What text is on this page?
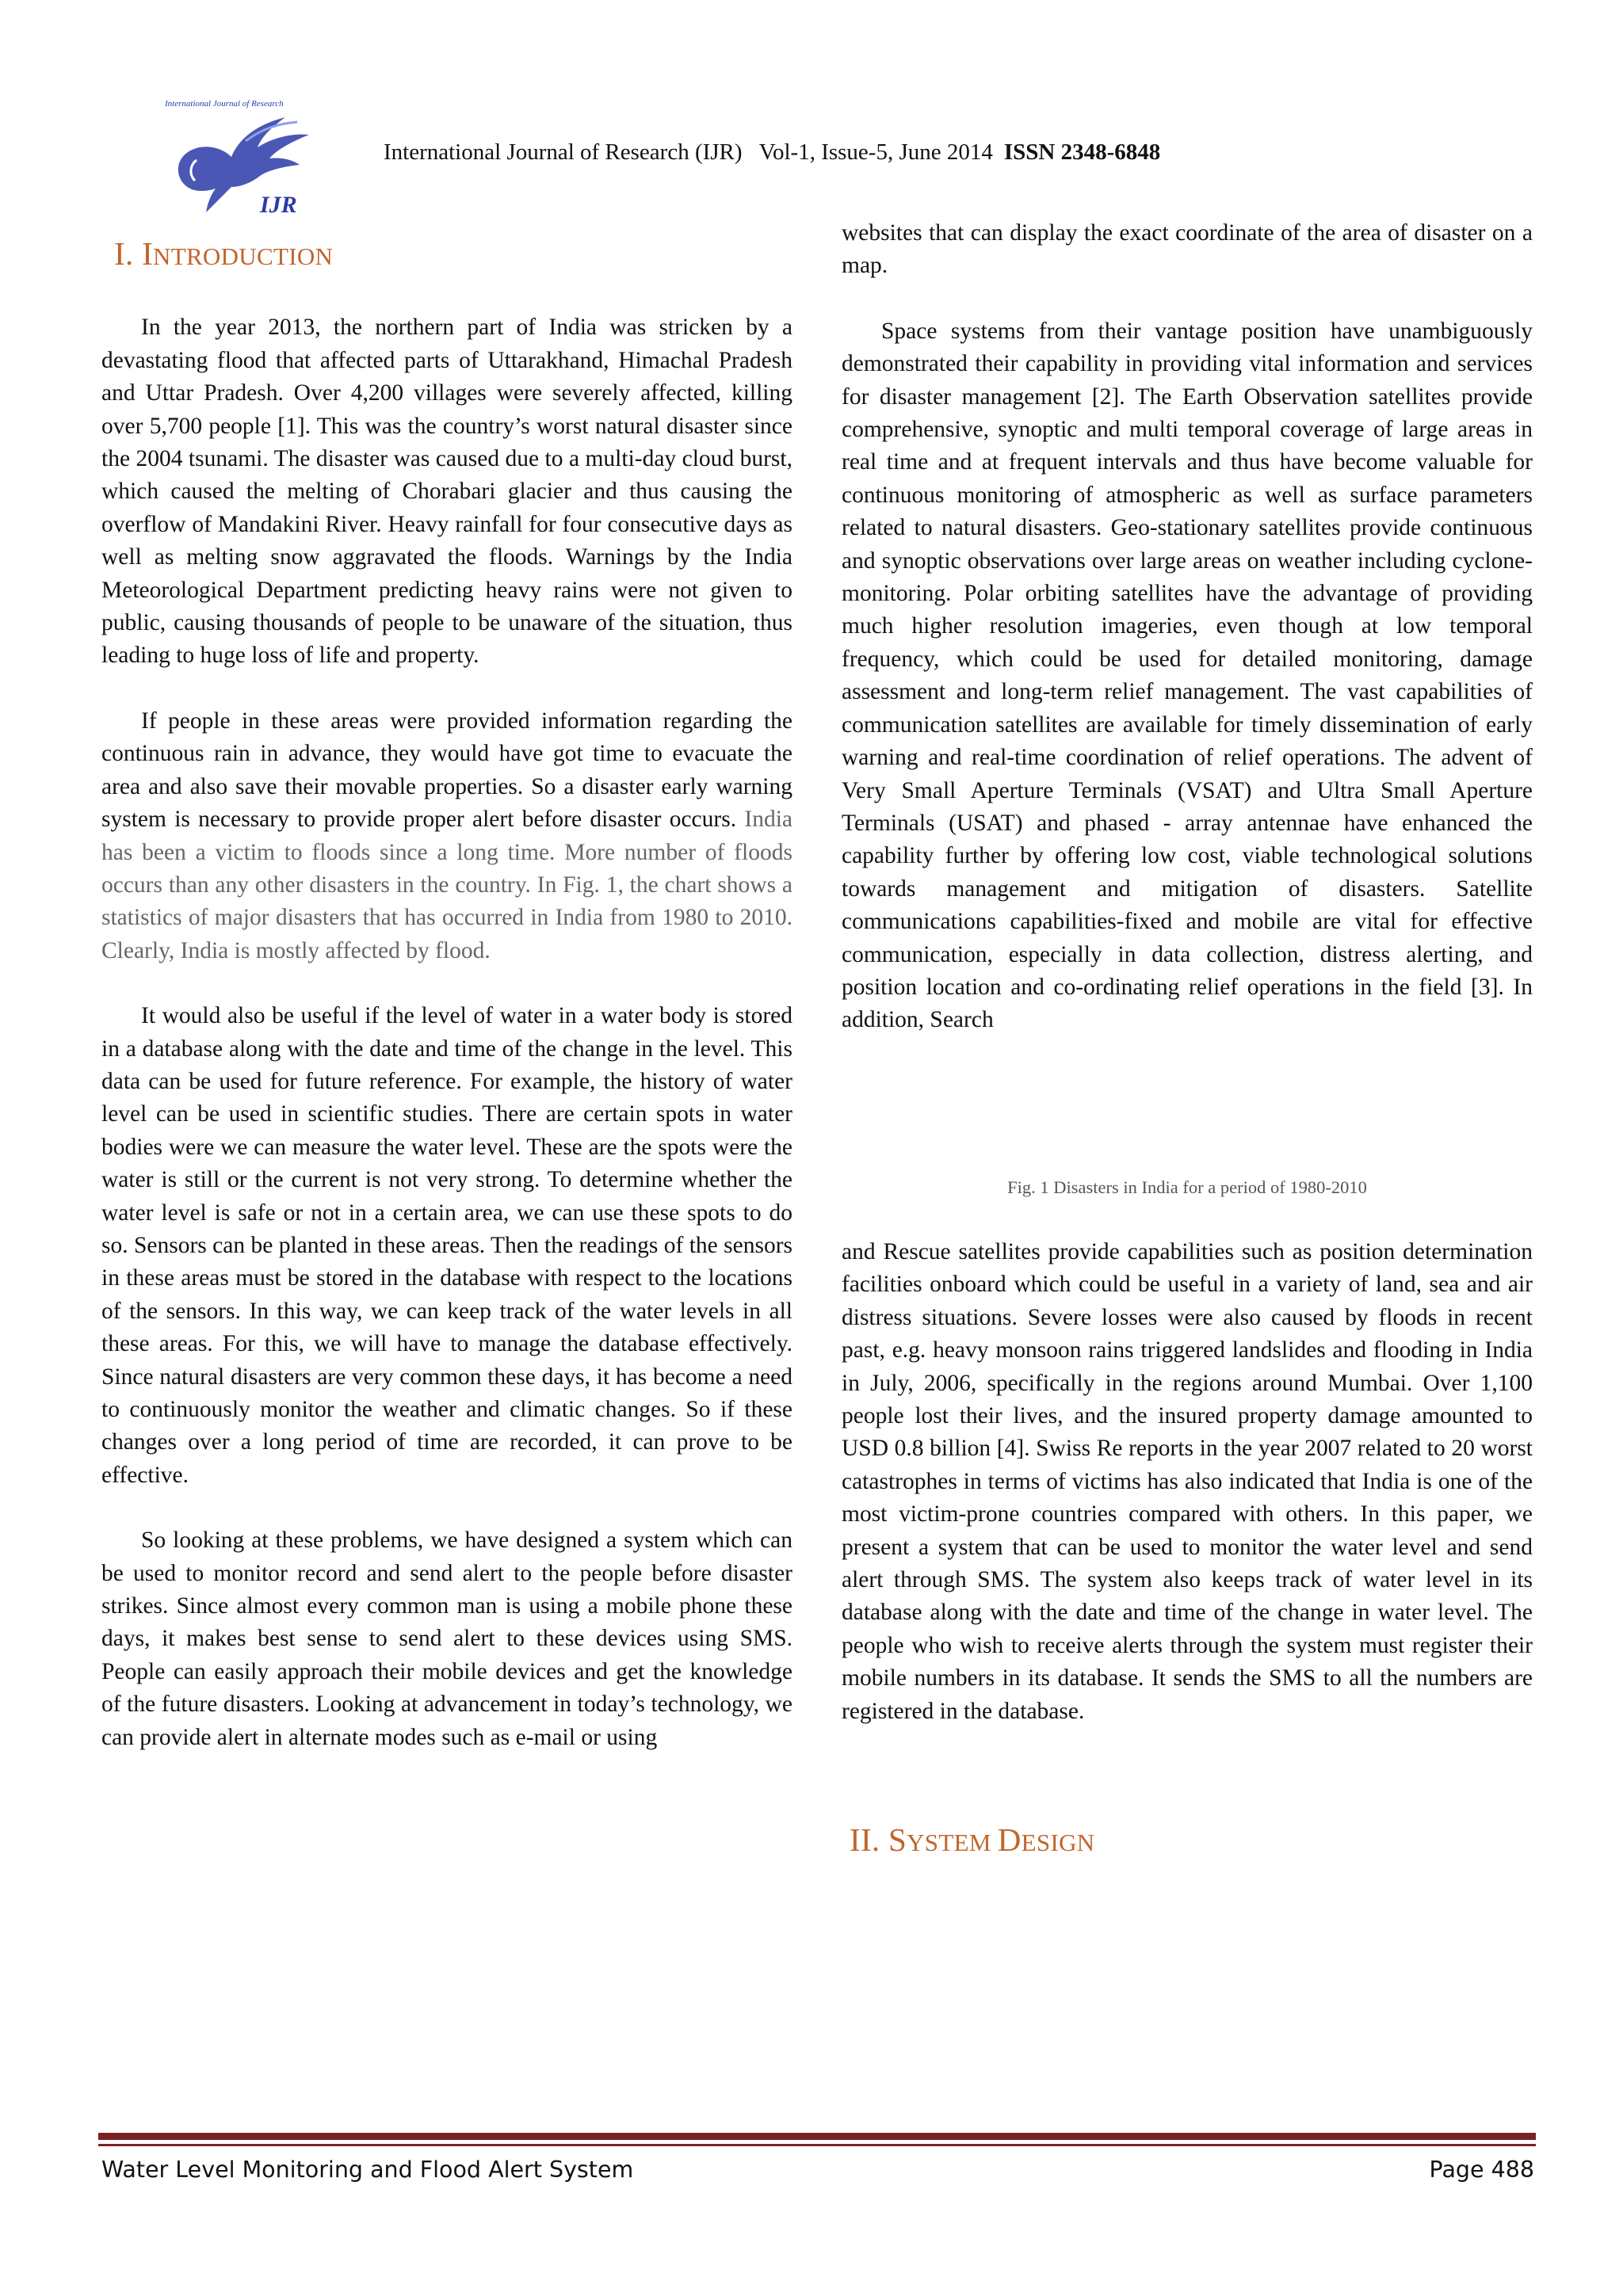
International Journal of Research
IJR
International Journal of Research (IJR)   Vol-1, Issue-5, June 2014 ISSN 2348-6848
I. INTRODUCTION

In the year 2013, the northern part of India was stricken by a devastating flood that affected parts of Uttarakhand, Himachal Pradesh and Uttar Pradesh. Over 4,200 villages were severely affected, killing over 5,700 people [1]. This was the country’s worst natural disaster since the 2004 tsunami. The disaster was caused due to a multi-day cloud burst, which caused the melting of Chorabari glacier and thus causing the overflow of Mandakini River. Heavy rainfall for four consecutive days as well as melting snow aggravated the floods. Warnings by the India Meteorological Department predicting heavy rains were not given to public, causing thousands of people to be unaware of the situation, thus leading to huge loss of life and property.

If people in these areas were provided information regarding the continuous rain in advance, they would have got time to evacuate the area and also save their movable properties. So a disaster early warning system is necessary to provide proper alert before disaster occurs. India has been a victim to floods since a long time. More number of floods occurs than any other disasters in the country. In Fig. 1, the chart shows a statistics of major disasters that has occurred in India from 1980 to 2010. Clearly, India is mostly affected by flood.

It would also be useful if the level of water in a water body is stored in a database along with the date and time of the change in the level. This data can be used for future reference. For example, the history of water level can be used in scientific studies. There are certain spots in water bodies were we can measure the water level. These are the spots were the water is still or the current is not very strong. To determine whether the water level is safe or not in a certain area, we can use these spots to do so. Sensors can be planted in these areas. Then the readings of the sensors in these areas must be stored in the database with respect to the locations of the sensors. In this way, we can keep track of the water levels in all these areas. For this, we will have to manage the database effectively. Since natural disasters are very common these days, it has become a need to continuously monitor the weather and climatic changes. So if these changes over a long period of time are recorded, it can prove to be effective.

So looking at these problems, we have designed a system which can be used to monitor record and send alert to the people before disaster strikes. Since almost every common man is using a mobile phone these days, it makes best sense to send alert to these devices using SMS. People can easily approach their mobile devices and get the knowledge of the future disasters. Looking at advancement in today’s technology, we can provide alert in alternate modes such as e-mail or using

websites that can display the exact coordinate of the area of disaster on a map.

Space systems from their vantage position have unambiguously demonstrated their capability in providing vital information and services for disaster management [2]. The Earth Observation satellites provide comprehensive, synoptic and multi temporal coverage of large areas in real time and at frequent intervals and thus have become valuable for continuous monitoring of atmospheric as well as surface parameters related to natural disasters. Geo-stationary satellites provide continuous and synoptic observations over large areas on weather including cyclone-monitoring. Polar orbiting satellites have the advantage of providing much higher resolution imageries, even though at low temporal frequency, which could be used for detailed monitoring, damage assessment and long-term relief management. The vast capabilities of communication satellites are available for timely dissemination of early warning and real-time coordination of relief operations. The advent of Very Small Aperture Terminals (VSAT) and Ultra Small Aperture Terminals (USAT) and phased - array antennae have enhanced the capability further by offering low cost, viable technological solutions towards management and mitigation of disasters. Satellite communications capabilities-fixed and mobile are vital for effective communication, especially in data collection, distress alerting, and position location and co-ordinating relief operations in the field [3]. In addition, Search

Fig. 1 Disasters in India for a period of 1980-2010

and Rescue satellites provide capabilities such as position determination facilities onboard which could be useful in a variety of land, sea and air distress situations. Severe losses were also caused by floods in recent past, e.g. heavy monsoon rains triggered landslides and flooding in India in July, 2006, specifically in the regions around Mumbai. Over 1,100 people lost their lives, and the insured property damage amounted to USD 0.8 billion [4]. Swiss Re reports in the year 2007 related to 20 worst catastrophes in terms of victims has also indicated that India is one of the most victim-prone countries compared with others. In this paper, we present a system that can be used to monitor the water level and send alert through SMS. The system also keeps track of water level in its database along with the date and time of the change in water level. The people who wish to receive alerts through the system must register their mobile numbers in its database. It sends the SMS to all the numbers are registered in the database.

II. SYSTEM DESIGN
Water Level Monitoring and Flood Alert System	Page 488
